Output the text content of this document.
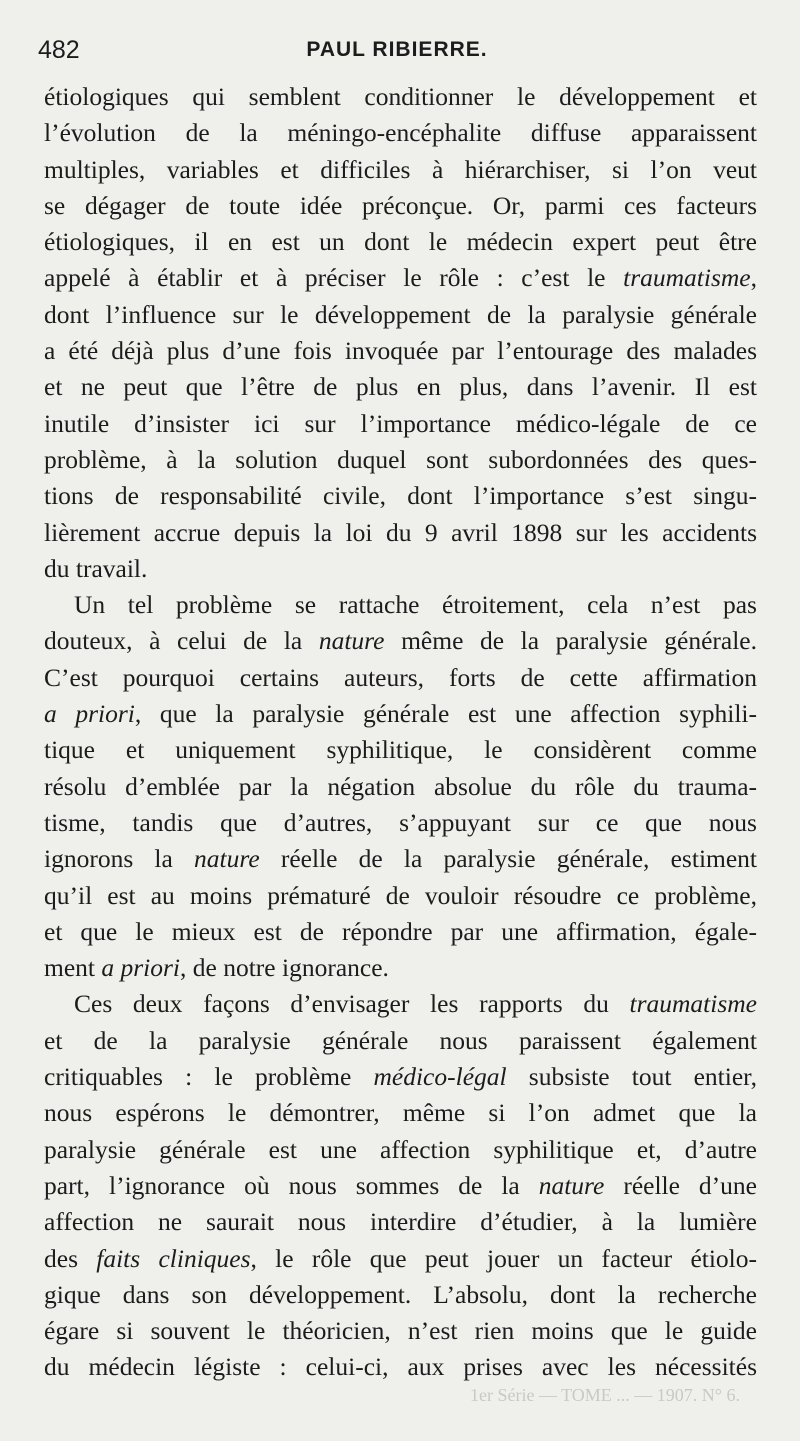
482	PAUL RIBIERRE.
étiologiques qui semblent conditionner le développement et
l’évolution de la méningo-encéphalite diffuse apparaissent
multiples, variables et difficiles à hiérarchiser, si l’on veut
se dégager de toute idée préconçue. Or, parmi ces facteurs
étiologiques, il en est un dont le médecin expert peut être
appelé à établir et à préciser le rôle : c’est le traumatisme,
dont l’influence sur le développement de la paralysie générale
a été déjà plus d’une fois invoquée par l’entourage des malades
et ne peut que l’être de plus en plus, dans l’avenir. Il est
inutile d’insister ici sur l’importance médico-légale de ce
problème, à la solution duquel sont subordonnées des ques-
tions de responsabilité civile, dont l’importance s’est singu-
lièrement accrue depuis la loi du 9 avril 1898 sur les accidents
du travail.
Un tel problème se rattache étroitement, cela n’est pas
douteux, à celui de la nature même de la paralysie générale.
C’est pourquoi certains auteurs, forts de cette affirmation
a priori, que la paralysie générale est une affection syphili-
tique et uniquement syphilitique, le considèrent comme
résolu d’emblée par la négation absolue du rôle du trauma-
tisme, tandis que d’autres, s’appuyant sur ce que nous
ignorons la nature réelle de la paralysie générale, estiment
qu’il est au moins prématuré de vouloir résoudre ce problème,
et que le mieux est de répondre par une affirmation, égale-
ment a priori, de notre ignorance.
Ces deux façons d’envisager les rapports du traumatisme
et de la paralysie générale nous paraissent également
critiquables : le problème médico-légal subsiste tout entier,
nous espérons le démontrer, même si l’on admet que la
paralysie générale est une affection syphilitique et, d’autre
part, l’ignorance où nous sommes de la nature réelle d’une
affection ne saurait nous interdire d’étudier, à la lumière
des faits cliniques, le rôle que peut jouer un facteur étiolo-
gique dans son développement. L’absolu, dont la recherche
égare si souvent le théoricien, n’est rien moins que le guide
du médecin légiste : celui-ci, aux prises avec les nécessités
1er Série — TOME ... — 1907. N° 6.
